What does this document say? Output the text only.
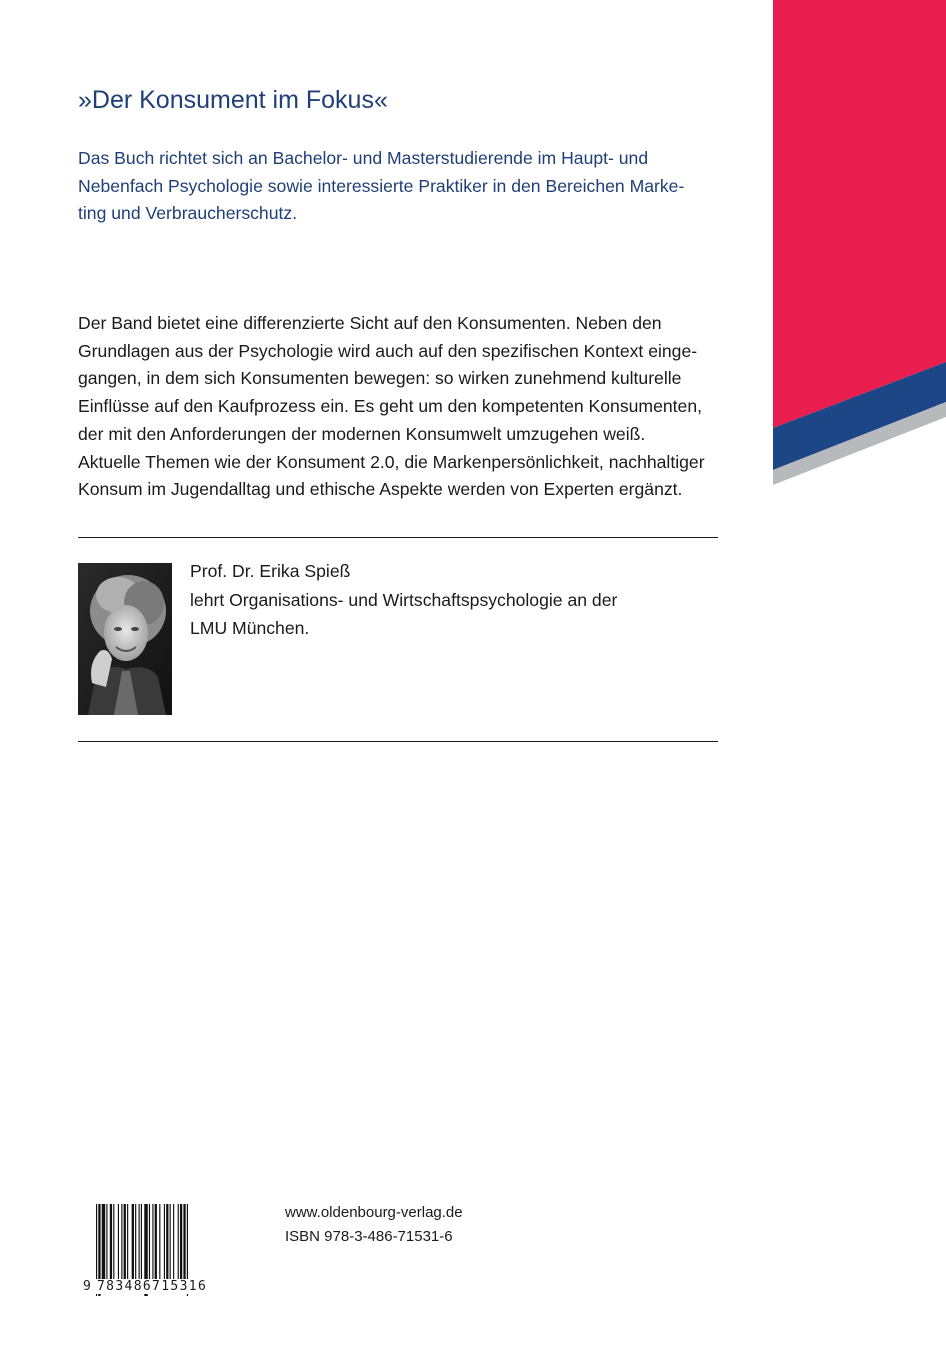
»Der Konsument im Fokus«
Das Buch richtet sich an Bachelor- und Masterstudierende im Haupt- und
Nebenfach Psychologie sowie interessierte Praktiker in den Bereichen Marke-
ting und Verbraucherschutz.
Der Band bietet eine differenzierte Sicht auf den Konsumenten. Neben den
Grundlagen aus der Psychologie wird auch auf den spezifischen Kontext einge-
gangen, in dem sich Konsumenten bewegen: so wirken zunehmend kulturelle
Einflüsse auf den Kaufprozess ein. Es geht um den kompetenten Konsumenten,
der mit den Anforderungen der modernen Konsumwelt umzugehen weiß.
Aktuelle Themen wie der Konsument 2.0, die Markenpersönlichkeit, nachhaltiger
Konsum im Jugendalltag und ethische Aspekte werden von Experten ergänzt.
Prof. Dr. Erika Spieß
lehrt Organisations- und Wirtschaftspsychologie an der
LMU München.
9 783486715316
www.oldenbourg-verlag.de
ISBN 978-3-486-71531-6
